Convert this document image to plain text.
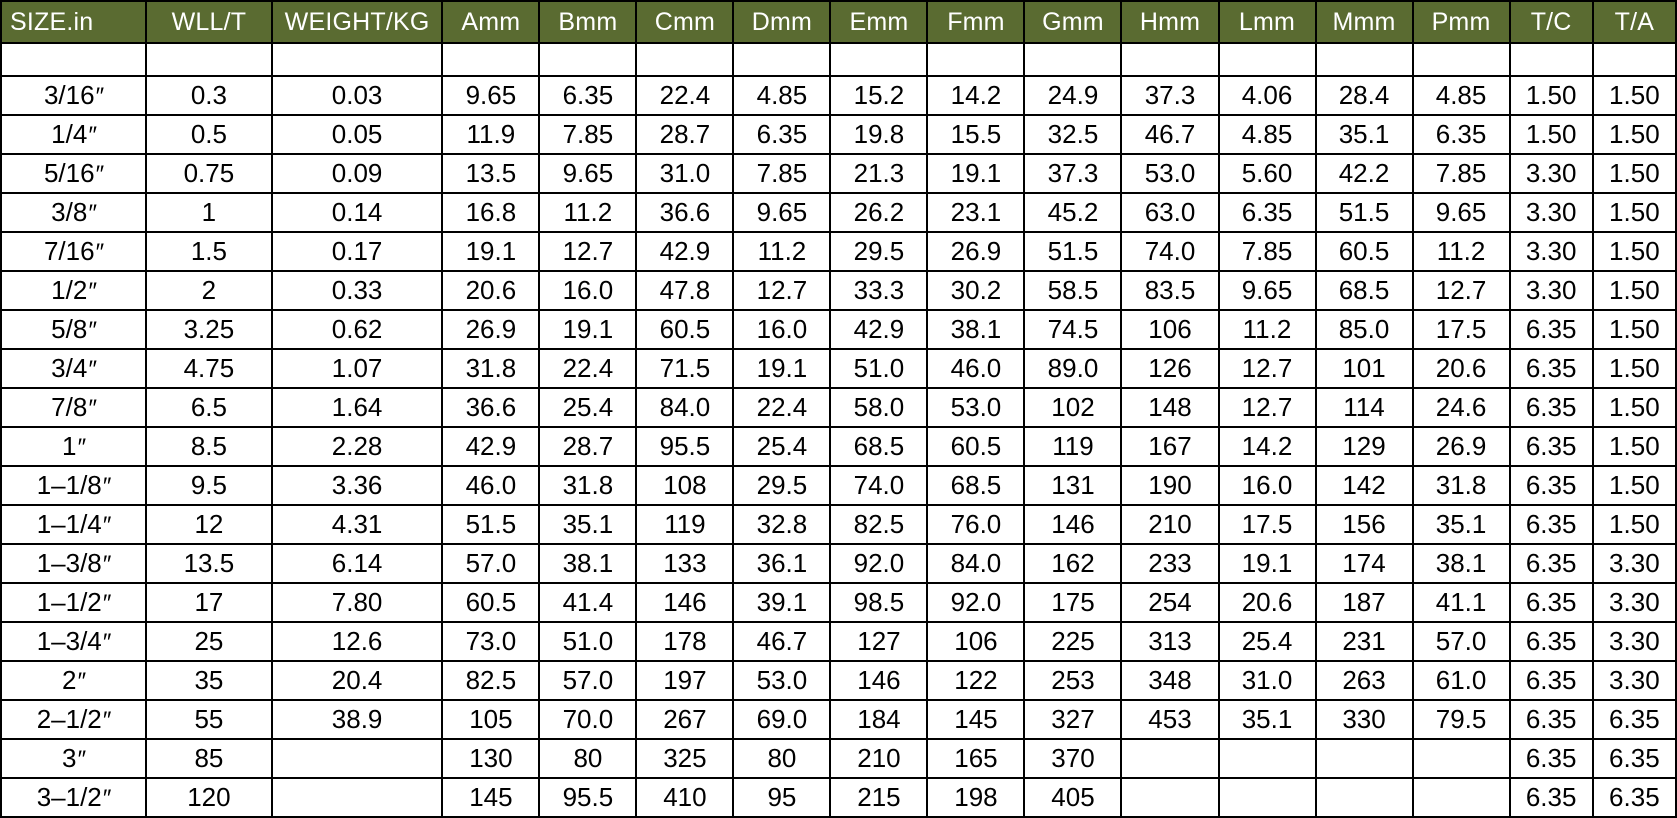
SIZE.in	WLL/T	WEIGHT/KG	Amm	Bmm	Cmm	Dmm	Emm	Fmm	Gmm	Hmm	Lmm	Mmm	Pmm	T/C	T/A

3/16″	0.3	0.03	9.65	6.35	22.4	4.85	15.2	14.2	24.9	37.3	4.06	28.4	4.85	1.50	1.50
1/4″	0.5	0.05	11.9	7.85	28.7	6.35	19.8	15.5	32.5	46.7	4.85	35.1	6.35	1.50	1.50
5/16″	0.75	0.09	13.5	9.65	31.0	7.85	21.3	19.1	37.3	53.0	5.60	42.2	7.85	3.30	1.50
3/8″	1	0.14	16.8	11.2	36.6	9.65	26.2	23.1	45.2	63.0	6.35	51.5	9.65	3.30	1.50
7/16″	1.5	0.17	19.1	12.7	42.9	11.2	29.5	26.9	51.5	74.0	7.85	60.5	11.2	3.30	1.50
1/2″	2	0.33	20.6	16.0	47.8	12.7	33.3	30.2	58.5	83.5	9.65	68.5	12.7	3.30	1.50
5/8″	3.25	0.62	26.9	19.1	60.5	16.0	42.9	38.1	74.5	106	11.2	85.0	17.5	6.35	1.50
3/4″	4.75	1.07	31.8	22.4	71.5	19.1	51.0	46.0	89.0	126	12.7	101	20.6	6.35	1.50
7/8″	6.5	1.64	36.6	25.4	84.0	22.4	58.0	53.0	102	148	12.7	114	24.6	6.35	1.50
1″	8.5	2.28	42.9	28.7	95.5	25.4	68.5	60.5	119	167	14.2	129	26.9	6.35	1.50
1–1/8″	9.5	3.36	46.0	31.8	108	29.5	74.0	68.5	131	190	16.0	142	31.8	6.35	1.50
1–1/4″	12	4.31	51.5	35.1	119	32.8	82.5	76.0	146	210	17.5	156	35.1	6.35	1.50
1–3/8″	13.5	6.14	57.0	38.1	133	36.1	92.0	84.0	162	233	19.1	174	38.1	6.35	3.30
1–1/2″	17	7.80	60.5	41.4	146	39.1	98.5	92.0	175	254	20.6	187	41.1	6.35	3.30
1–3/4″	25	12.6	73.0	51.0	178	46.7	127	106	225	313	25.4	231	57.0	6.35	3.30
2″	35	20.4	82.5	57.0	197	53.0	146	122	253	348	31.0	263	61.0	6.35	3.30
2–1/2″	55	38.9	105	70.0	267	69.0	184	145	327	453	35.1	330	79.5	6.35	6.35
3″	85		130	80	325	80	210	165	370					6.35	6.35
3–1/2″	120		145	95.5	410	95	215	198	405					6.35	6.35
